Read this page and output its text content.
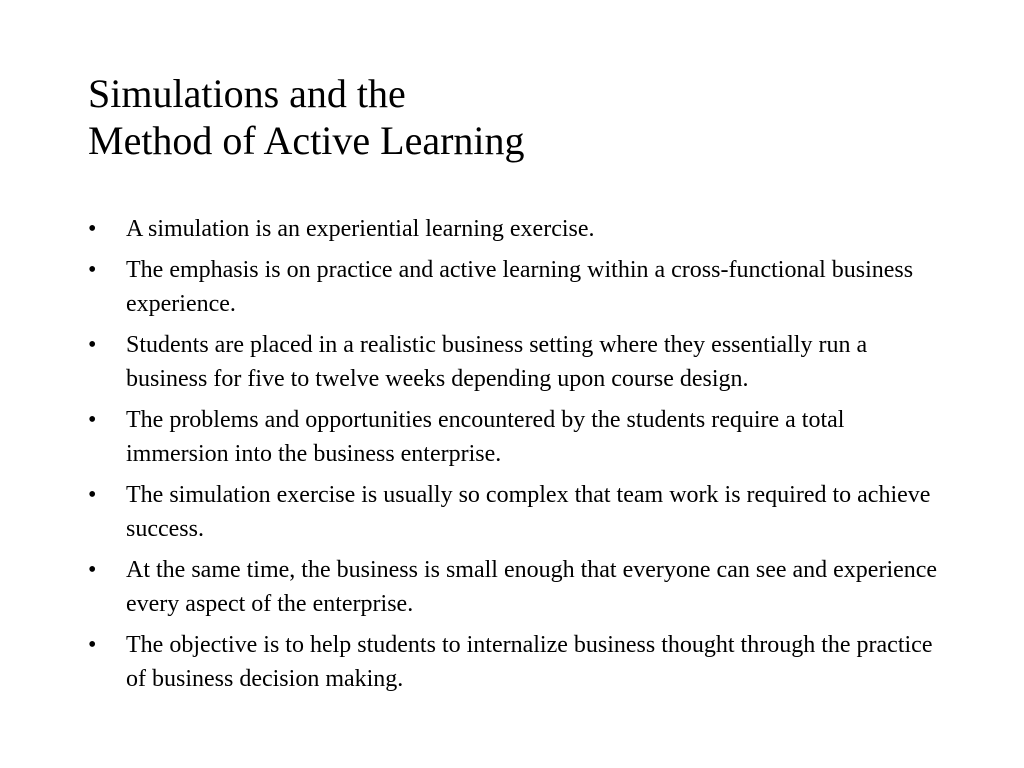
Simulations and the
Method of Active Learning
• A simulation is an experiential learning exercise.
• The emphasis is on practice and active learning within a cross-functional business experience.
• Students are placed in a realistic business setting where they essentially run a business for five to twelve weeks depending upon course design.
• The problems and opportunities encountered by the students require a total immersion into the business enterprise.
• The simulation exercise is usually so complex that team work is required to achieve success.
• At the same time, the business is small enough that everyone can see and experience every aspect of the enterprise.
• The objective is to help students to internalize business thought through the practice of business decision making.
